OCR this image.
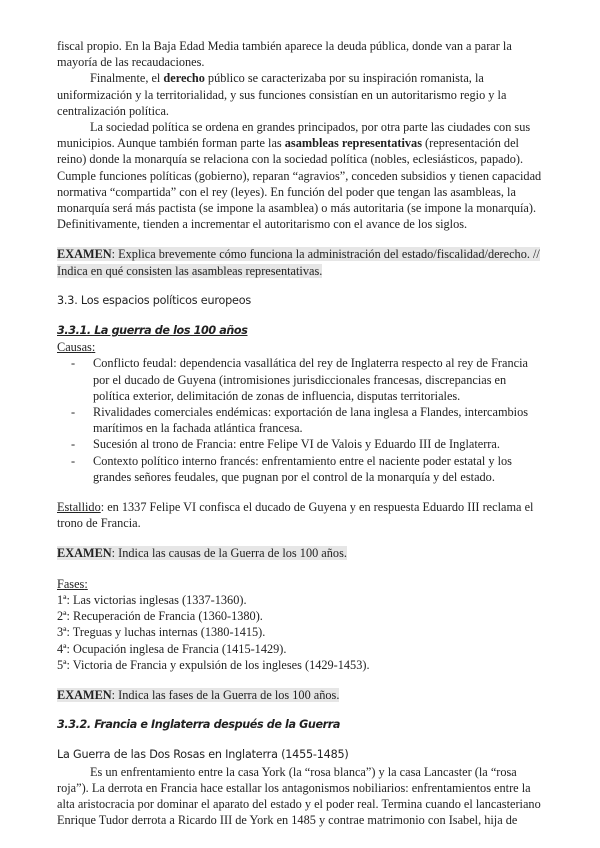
fiscal propio. En la Baja Edad Media también aparece la deuda pública, donde van a parar la mayoría de las recaudaciones.

Finalmente, el derecho público se caracterizaba por su inspiración romanista, la uniformización y la territorialidad, y sus funciones consistían en un autoritarismo regio y la centralización política.

La sociedad política se ordena en grandes principados, por otra parte las ciudades con sus municipios. Aunque también forman parte las asambleas representativas (representación del reino) donde la monarquía se relaciona con la sociedad política (nobles, eclesiásticos, papado). Cumple funciones políticas (gobierno), reparan “agravios”, conceden subsidios y tienen capacidad normativa “compartida” con el rey (leyes). En función del poder que tengan las asambleas, la monarquía será más pactista (se impone la asamblea) o más autoritaria (se impone la monarquía). Definitivamente, tienden a incrementar el autoritarismo con el avance de los siglos.

EXAMEN: Explica brevemente cómo funciona la administración del estado/fiscalidad/derecho. // Indica en qué consisten las asambleas representativas.

3.3. Los espacios políticos europeos

3.3.1. La guerra de los 100 años

Causas:

- Conflicto feudal: dependencia vasallática del rey de Inglaterra respecto al rey de Francia por el ducado de Guyena (intromisiones jurisdiccionales francesas, discrepancias en política exterior, delimitación de zonas de influencia, disputas territoriales.
- Rivalidades comerciales endémicas: exportación de lana inglesa a Flandes, intercambios marítimos en la fachada atlántica francesa.
- Sucesión al trono de Francia: entre Felipe VI de Valois y Eduardo III de Inglaterra.
- Contexto político interno francés: enfrentamiento entre el naciente poder estatal y los grandes señores feudales, que pugnan por el control de la monarquía y del estado.

Estallido: en 1337 Felipe VI confisca el ducado de Guyena y en respuesta Eduardo III reclama el trono de Francia.

EXAMEN: Indica las causas de la Guerra de los 100 años.

Fases:

1ª: Las victorias inglesas (1337-1360).

2ª: Recuperación de Francia (1360-1380).

3ª: Treguas y luchas internas (1380-1415).

4ª: Ocupación inglesa de Francia (1415-1429).

5ª: Victoria de Francia y expulsión de los ingleses (1429-1453).

EXAMEN: Indica las fases de la Guerra de los 100 años.

3.3.2. Francia e Inglaterra después de la Guerra

La Guerra de las Dos Rosas en Inglaterra (1455-1485)

Es un enfrentamiento entre la casa York (la “rosa blanca”) y la casa Lancaster (la “rosa roja”). La derrota en Francia hace estallar los antagonismos nobiliarios: enfrentamientos entre la alta aristocracia por dominar el aparato del estado y el poder real. Termina cuando el lancasteriano Enrique Tudor derrota a Ricardo III de York en 1485 y contrae matrimonio con Isabel, hija de
